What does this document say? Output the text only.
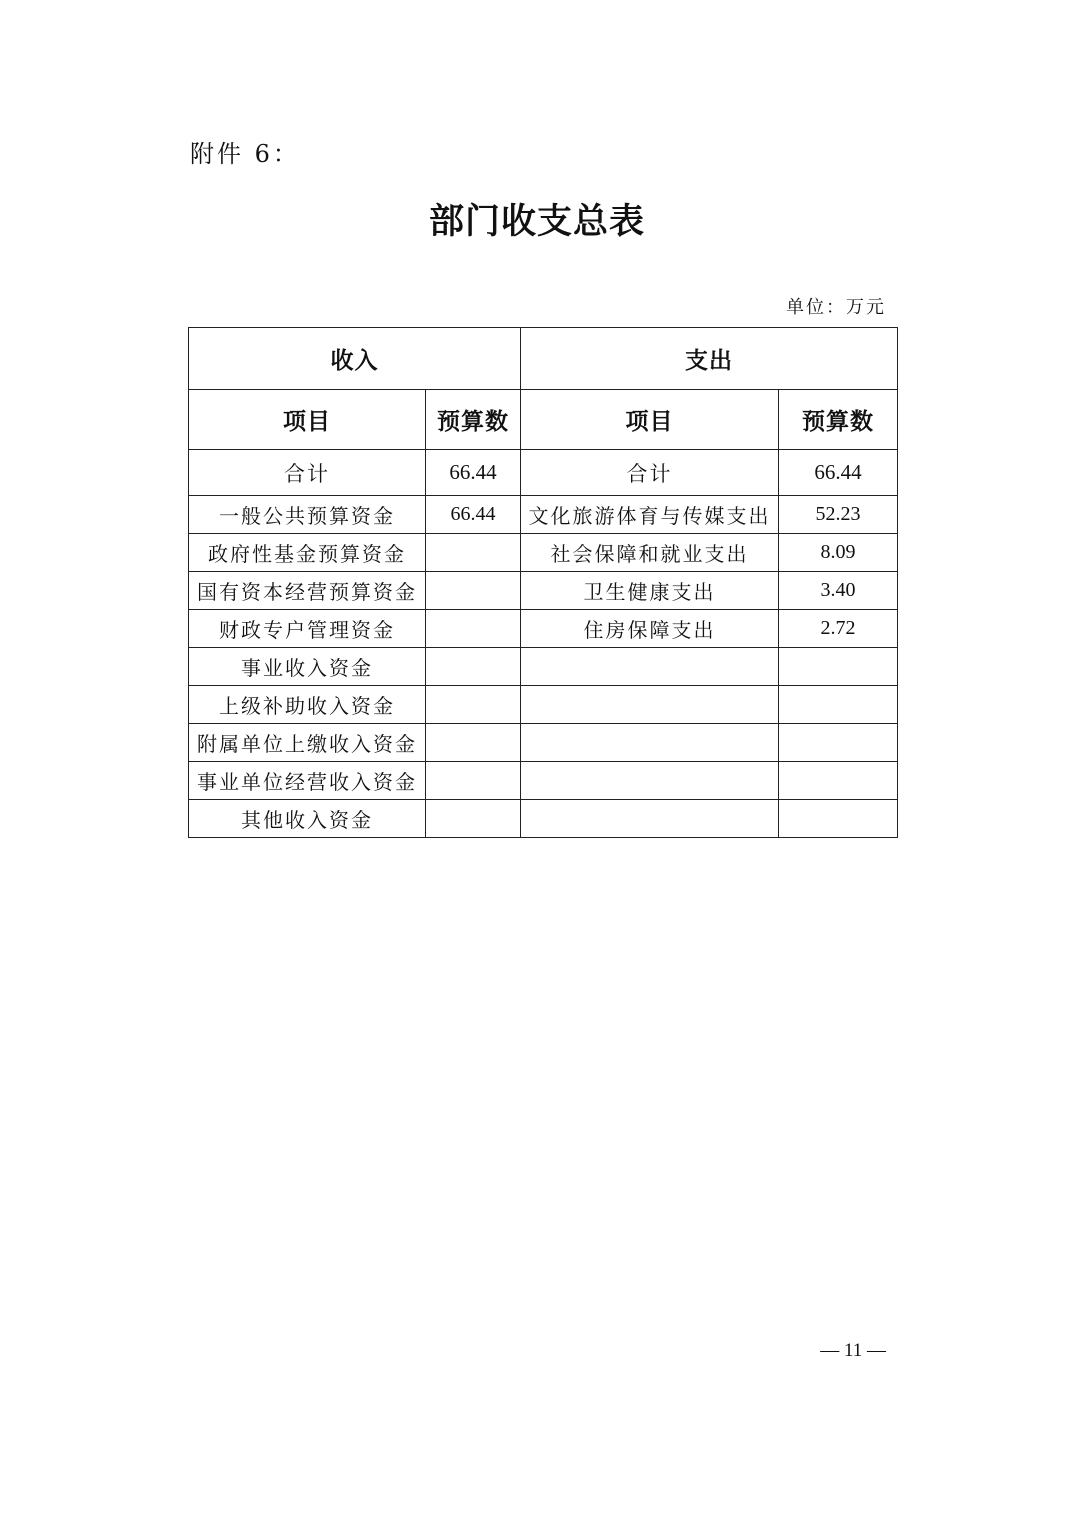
附件 6：
部门收支总表
单位：万元
收入		支出	
项目	预算数	项目	预算数
合计	66.44	合计	66.44
一般公共预算资金	66.44	文化旅游体育与传媒支出	52.23
政府性基金预算资金		社会保障和就业支出	8.09
国有资本经营预算资金		卫生健康支出	3.40
财政专户管理资金		住房保障支出	2.72
事业收入资金			
上级补助收入资金			
附属单位上缴收入资金			
事业单位经营收入资金			
其他收入资金			
— 11 —
